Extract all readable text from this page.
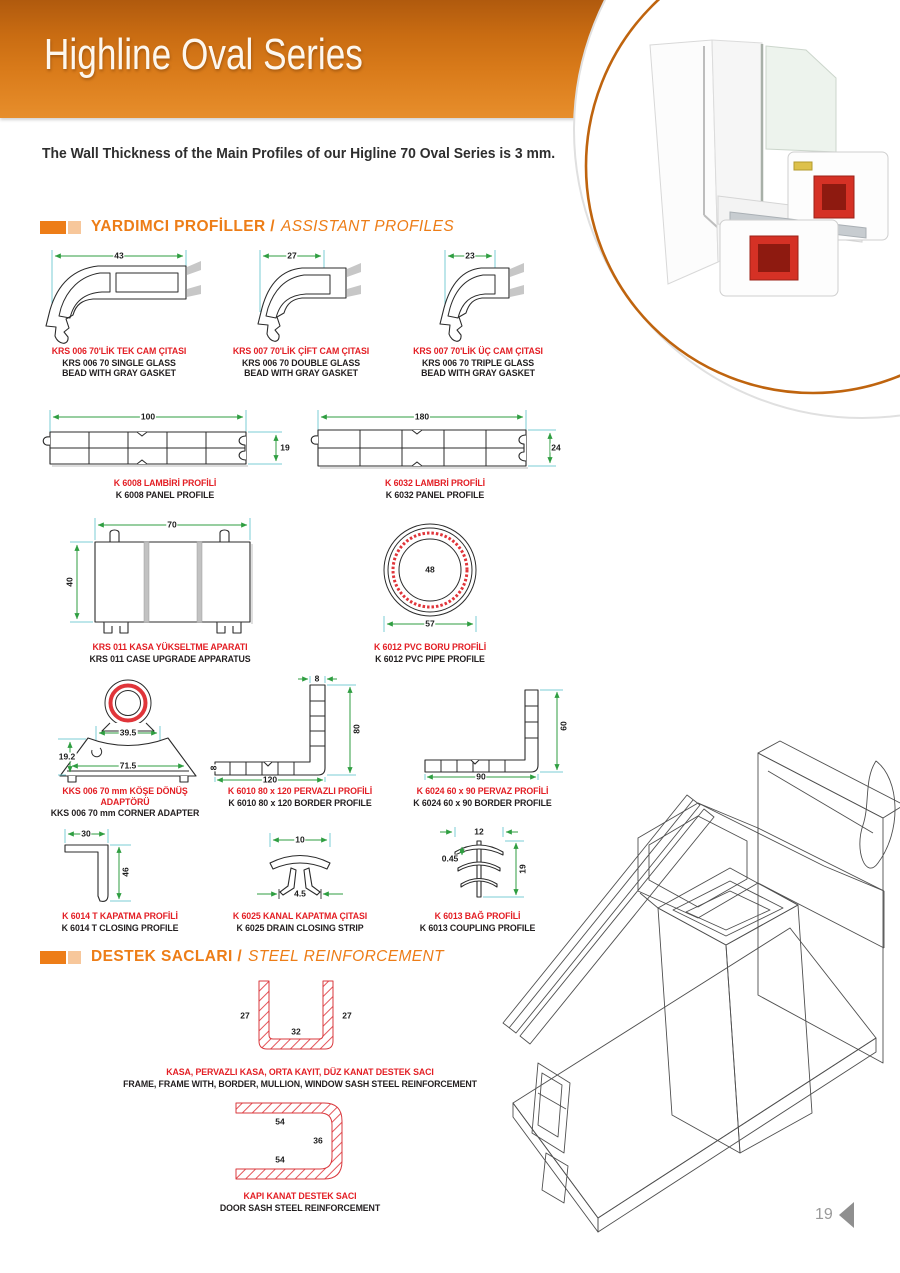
Highline Oval Series
The Wall Thickness of the Main Profiles of our Higline 70 Oval Series is 3 mm.
YARDIMCI PROFİLLER / ASSISTANT PROFILES
43
KRS 006 70'LİK TEK CAM ÇITASI
KRS 006 70 SINGLE GLASS
BEAD WITH GRAY GASKET
27
KRS 007 70'LİK ÇİFT CAM ÇITASI
KRS 006 70 DOUBLE GLASS
BEAD WITH GRAY GASKET
23
KRS 007 70'LİK ÜÇ CAM ÇITASI
KRS 006 70 TRIPLE GLASS
BEAD WITH GRAY GASKET
100
19
K 6008 LAMBİRİ PROFİLİ
K 6008 PANEL PROFILE
180
24
K 6032 LAMBRİ PROFİLİ
K 6032 PANEL PROFILE
70
40
KRS 011 KASA YÜKSELTME APARATI
KRS 011 CASE UPGRADE APPARATUS
48
57
K 6012 PVC BORU PROFİLİ
K 6012 PVC PIPE PROFILE
39.5
19.2
71.5
KKS 006 70 mm KÖŞE DÖNÜŞ ADAPTÖRÜ
KKS 006 70 mm CORNER ADAPTER
8
80
8
120
K 6010 80 x 120 PERVAZLI PROFİLİ
K 6010 80 x 120 BORDER PROFILE
60
90
K 6024 60 x 90 PERVAZ PROFİLİ
K 6024 60 x 90 BORDER PROFILE
30
46
K 6014 T KAPATMA PROFİLİ
K 6014 T CLOSING PROFILE
10
4.5
K 6025 KANAL KAPATMA ÇITASI
K 6025 DRAIN CLOSING STRIP
12
0.45
19
K 6013 BAĞ PROFİLİ
K 6013 COUPLING PROFILE
DESTEK SACLARI / STEEL REINFORCEMENT
27	27
32
KASA, PERVAZLI KASA, ORTA KAYIT, DÜZ KANAT DESTEK SACI
FRAME, FRAME WITH, BORDER, MULLION, WINDOW SASH STEEL REINFORCEMENT
54
36
54
KAPI KANAT DESTEK SACI
DOOR SASH STEEL REINFORCEMENT	19
